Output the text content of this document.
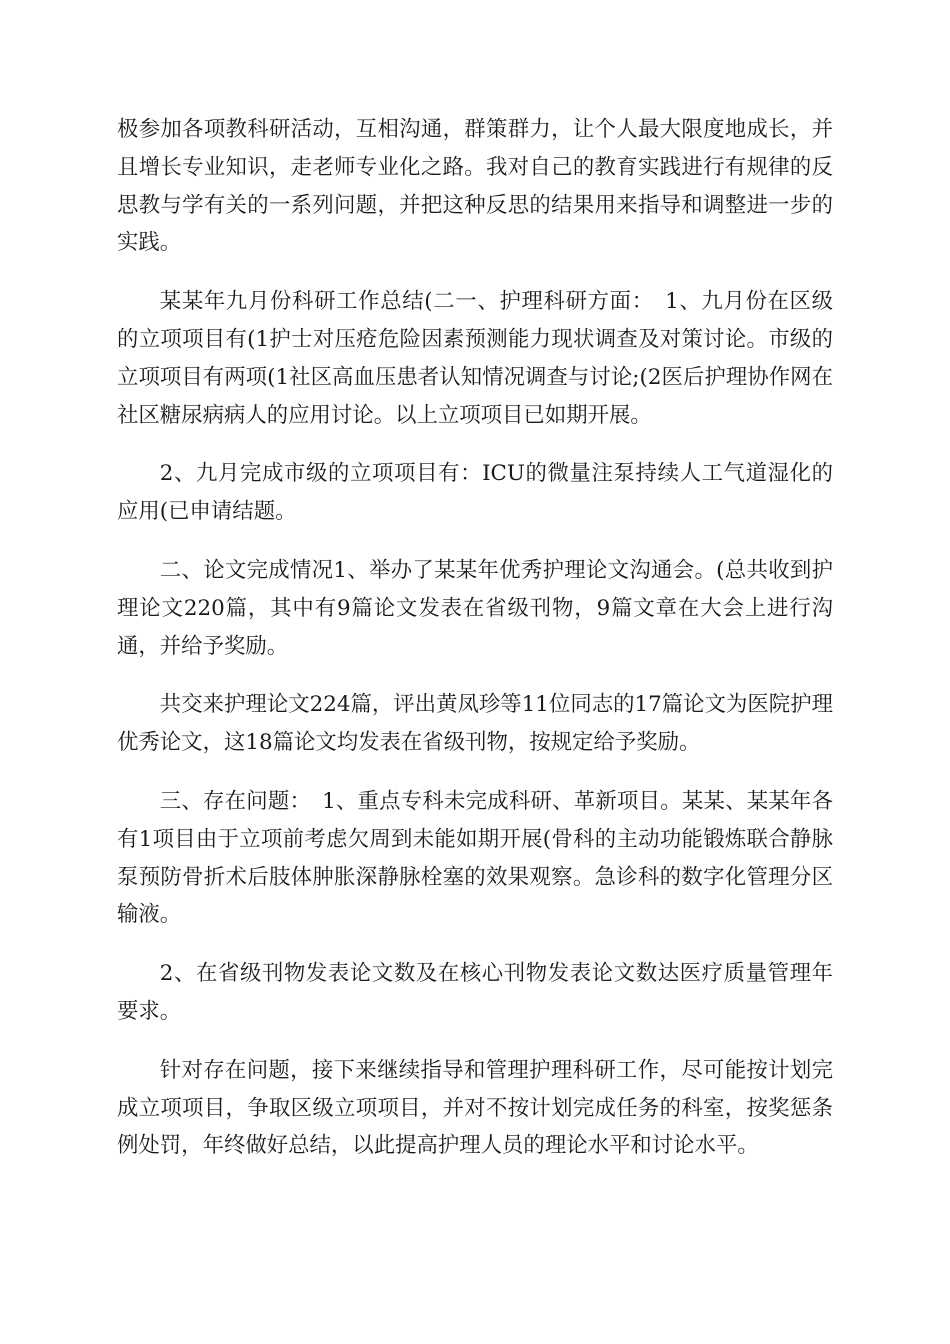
极参加各项教科研活动，互相沟通，群策群力，让个人最大限度地成长，并且增长专业知识，走老师专业化之路。我对自己的教育实践进行有规律的反思教与学有关的一系列问题，并把这种反思的结果用来指导和调整进一步的实践。

某某年九月份科研工作总结(二一、护理科研方面：　1、九月份在区级的立项项目有(1护士对压疮危险因素预测能力现状调查及对策讨论。市级的立项项目有两项(1社区高血压患者认知情况调查与讨论;(2医后护理协作网在社区糖尿病病人的应用讨论。以上立项项目已如期开展。

2、九月完成市级的立项项目有：ICU的微量注泵持续人工气道湿化的应用(已申请结题。

二、论文完成情况1、举办了某某年优秀护理论文沟通会。(总共收到护理论文220篇，其中有9篇论文发表在省级刊物，9篇文章在大会上进行沟通，并给予奖励。

共交来护理论文224篇，评出黄凤珍等11位同志的17篇论文为医院护理优秀论文，这18篇论文均发表在省级刊物，按规定给予奖励。

三、存在问题：　1、重点专科未完成科研、革新项目。某某、某某年各有1项目由于立项前考虑欠周到未能如期开展(骨科的主动功能锻炼联合静脉泵预防骨折术后肢体肿胀深静脉栓塞的效果观察。急诊科的数字化管理分区输液。

2、在省级刊物发表论文数及在核心刊物发表论文数达医疗质量管理年要求。

针对存在问题，接下来继续指导和管理护理科研工作，尽可能按计划完成立项项目，争取区级立项项目，并对不按计划完成任务的科室，按奖惩条例处罚，年终做好总结，以此提高护理人员的理论水平和讨论水平。
